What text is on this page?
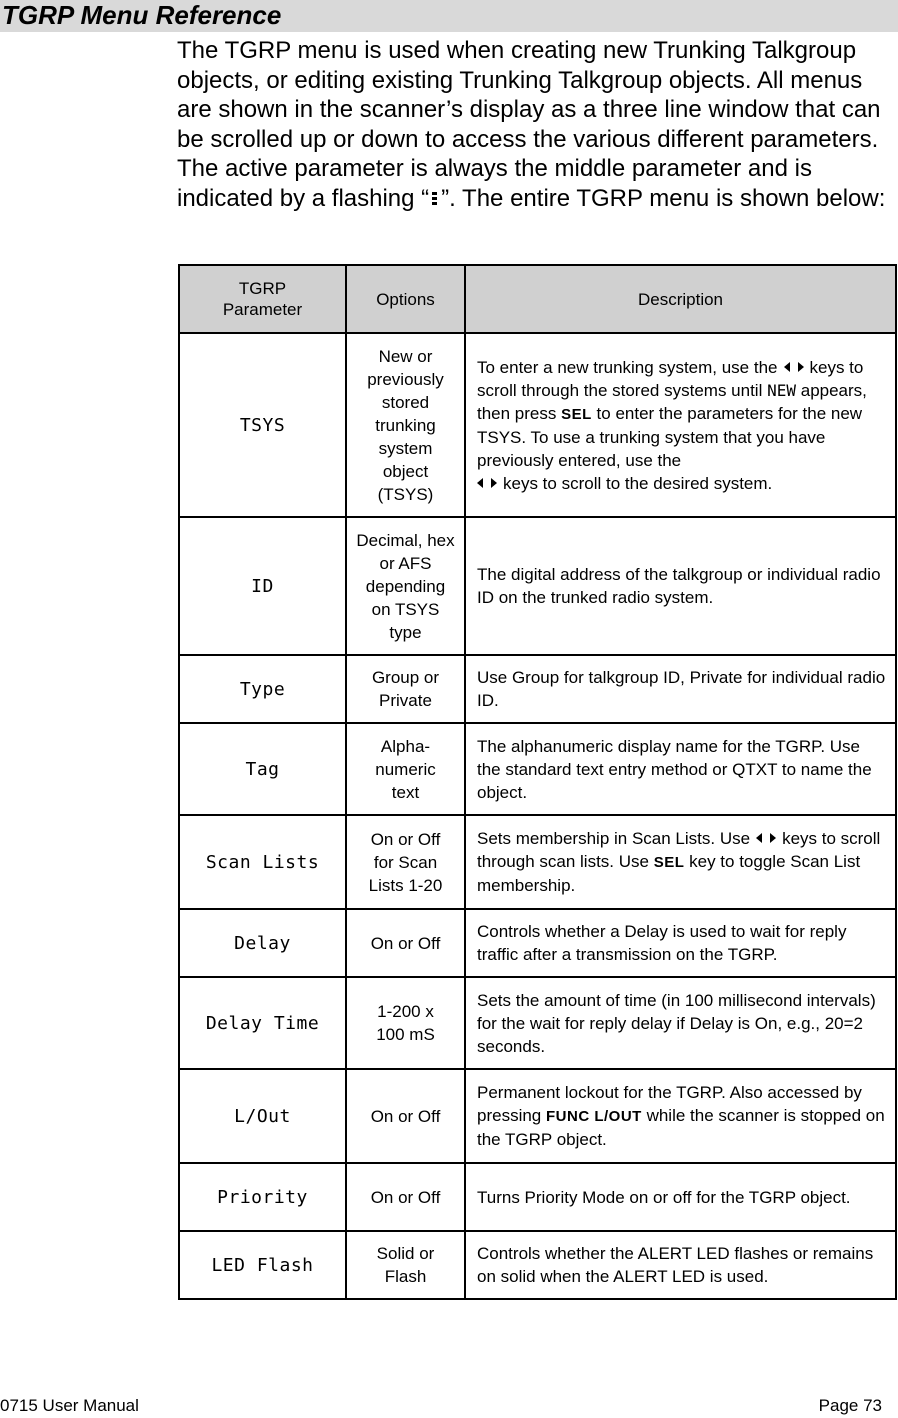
TGRP Menu Reference

The TGRP menu is used when creating new Trunking Talkgroup objects, or editing existing Trunking Talkgroup objects. All menus are shown in the scanner’s display as a three line window that can be scrolled up or down to access the various different parameters. The active parameter is always the middle parameter and is indicated by a flashing “ ”. The entire TGRP menu is shown below:

TGRP Parameter	Options	Description
TSYS	New or previously stored trunking system object (TSYS)	To enter a new trunking system, use the keys to scroll through the stored systems until NEW appears, then press SEL to enter the parameters for the new TSYS. To use a trunking system that you have previously entered, use the
keys to scroll to the desired system.
ID	Decimal, hex or AFS depending on TSYS type	The digital address of the talkgroup or individual radio ID on the trunked radio system.
Type	Group or Private	Use Group for talkgroup ID, Private for individual radio ID.
Tag	Alpha-numeric text	The alphanumeric display name for the TGRP. Use the standard text entry method or QTXT to name the object.
Scan Lists	On or Off for Scan Lists 1-20	Sets membership in Scan Lists. Use keys to scroll through scan lists. Use SEL key to toggle Scan List membership.
Delay	On or Off	Controls whether a Delay is used to wait for reply traffic after a transmission on the TGRP.
Delay Time	1-200 x 100 mS	Sets the amount of time (in 100 millisecond intervals) for the wait for reply delay if Delay is On, e.g., 20=2 seconds.
L/Out	On or Off	Permanent lockout for the TGRP. Also accessed by pressing FUNC L/OUT while the scanner is stopped on the TGRP object.
Priority	On or Off	Turns Priority Mode on or off for the TGRP object.
LED Flash	Solid or Flash	Controls whether the ALERT LED flashes or remains on solid when the ALERT LED is used.

0715 User Manual	Page 73
